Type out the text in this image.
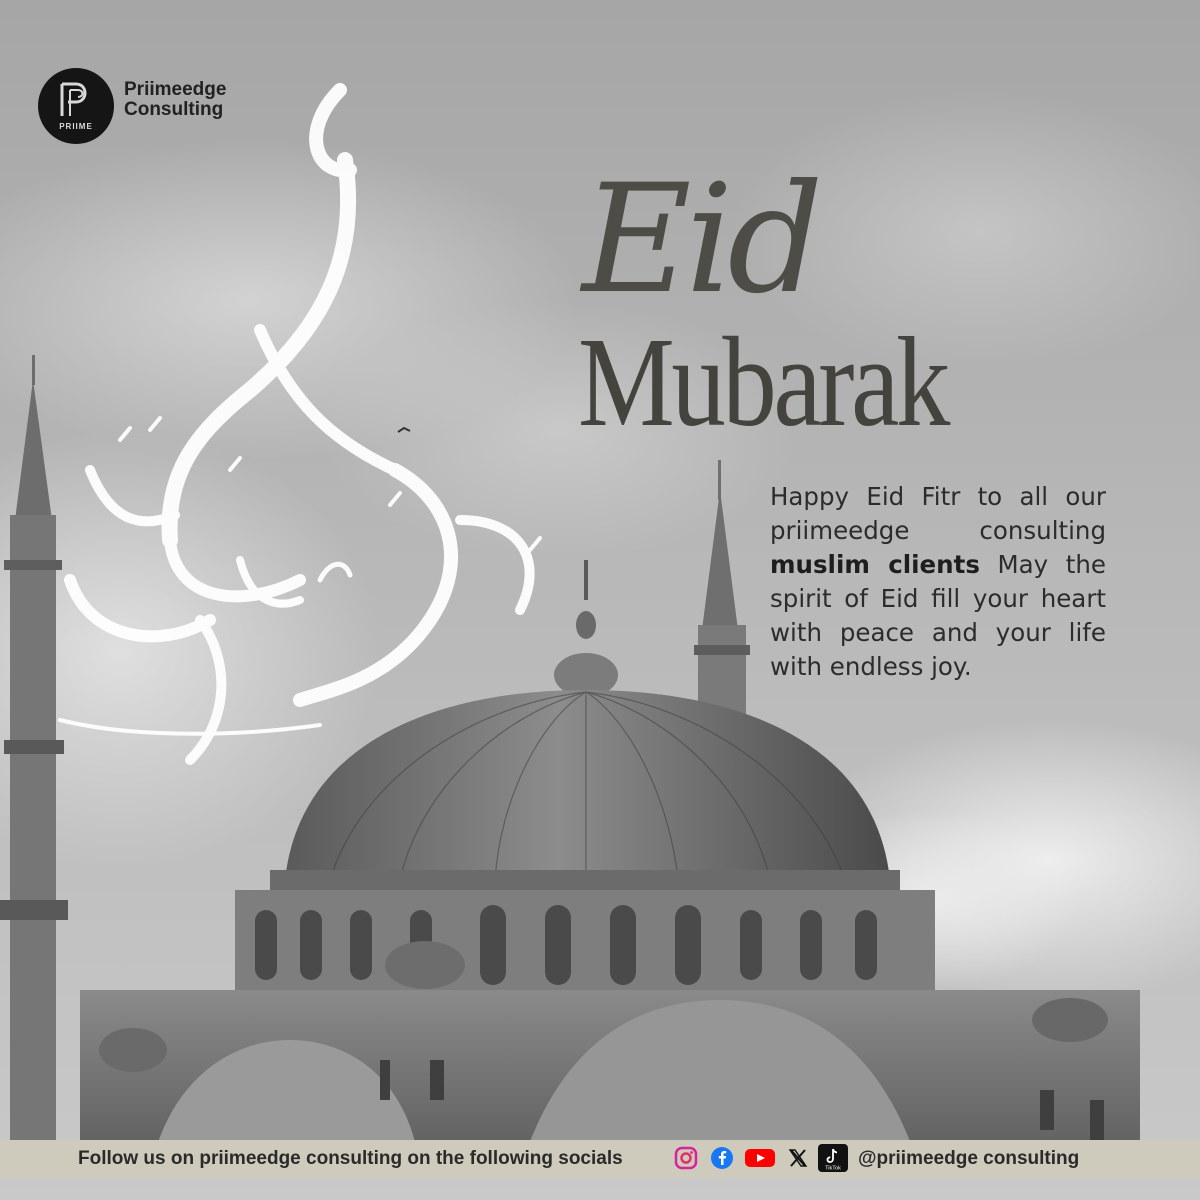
PRIIME
Priimeedge
Consulting
Eid
Mubarak
Happy Eid Fitr to all our priimeedge consulting muslim clients May the spirit of Eid fill your heart with peace and your life with endless joy.
Follow us on priimeedge consulting on the following socials	TikTok @priimeedge consulting
